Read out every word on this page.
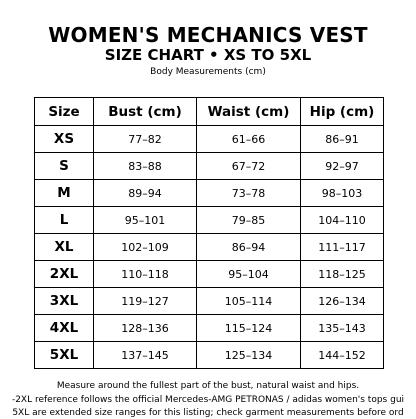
WOMEN'S MECHANICS VEST
SIZE CHART • XS TO 5XL
Body Measurements (cm)
Size	Bust (cm)	Waist (cm)	Hip (cm)
XS	77–82	61–66	86–91
S	83–88	67–72	92–97
M	89–94	73–78	98–103
L	95–101	79–85	104–110
XL	102–109	86–94	111–117
2XL	110–118	95–104	118–125
3XL	119–127	105–114	126–134
4XL	128–136	115–124	135–143
5XL	137–145	125–134	144–152
Measure around the fullest part of the bust, natural waist and hips.
-2XL reference follows the official Mercedes-AMG PETRONAS / adidas women's tops gui
5XL are extended size ranges for this listing; check garment measurements before ord
